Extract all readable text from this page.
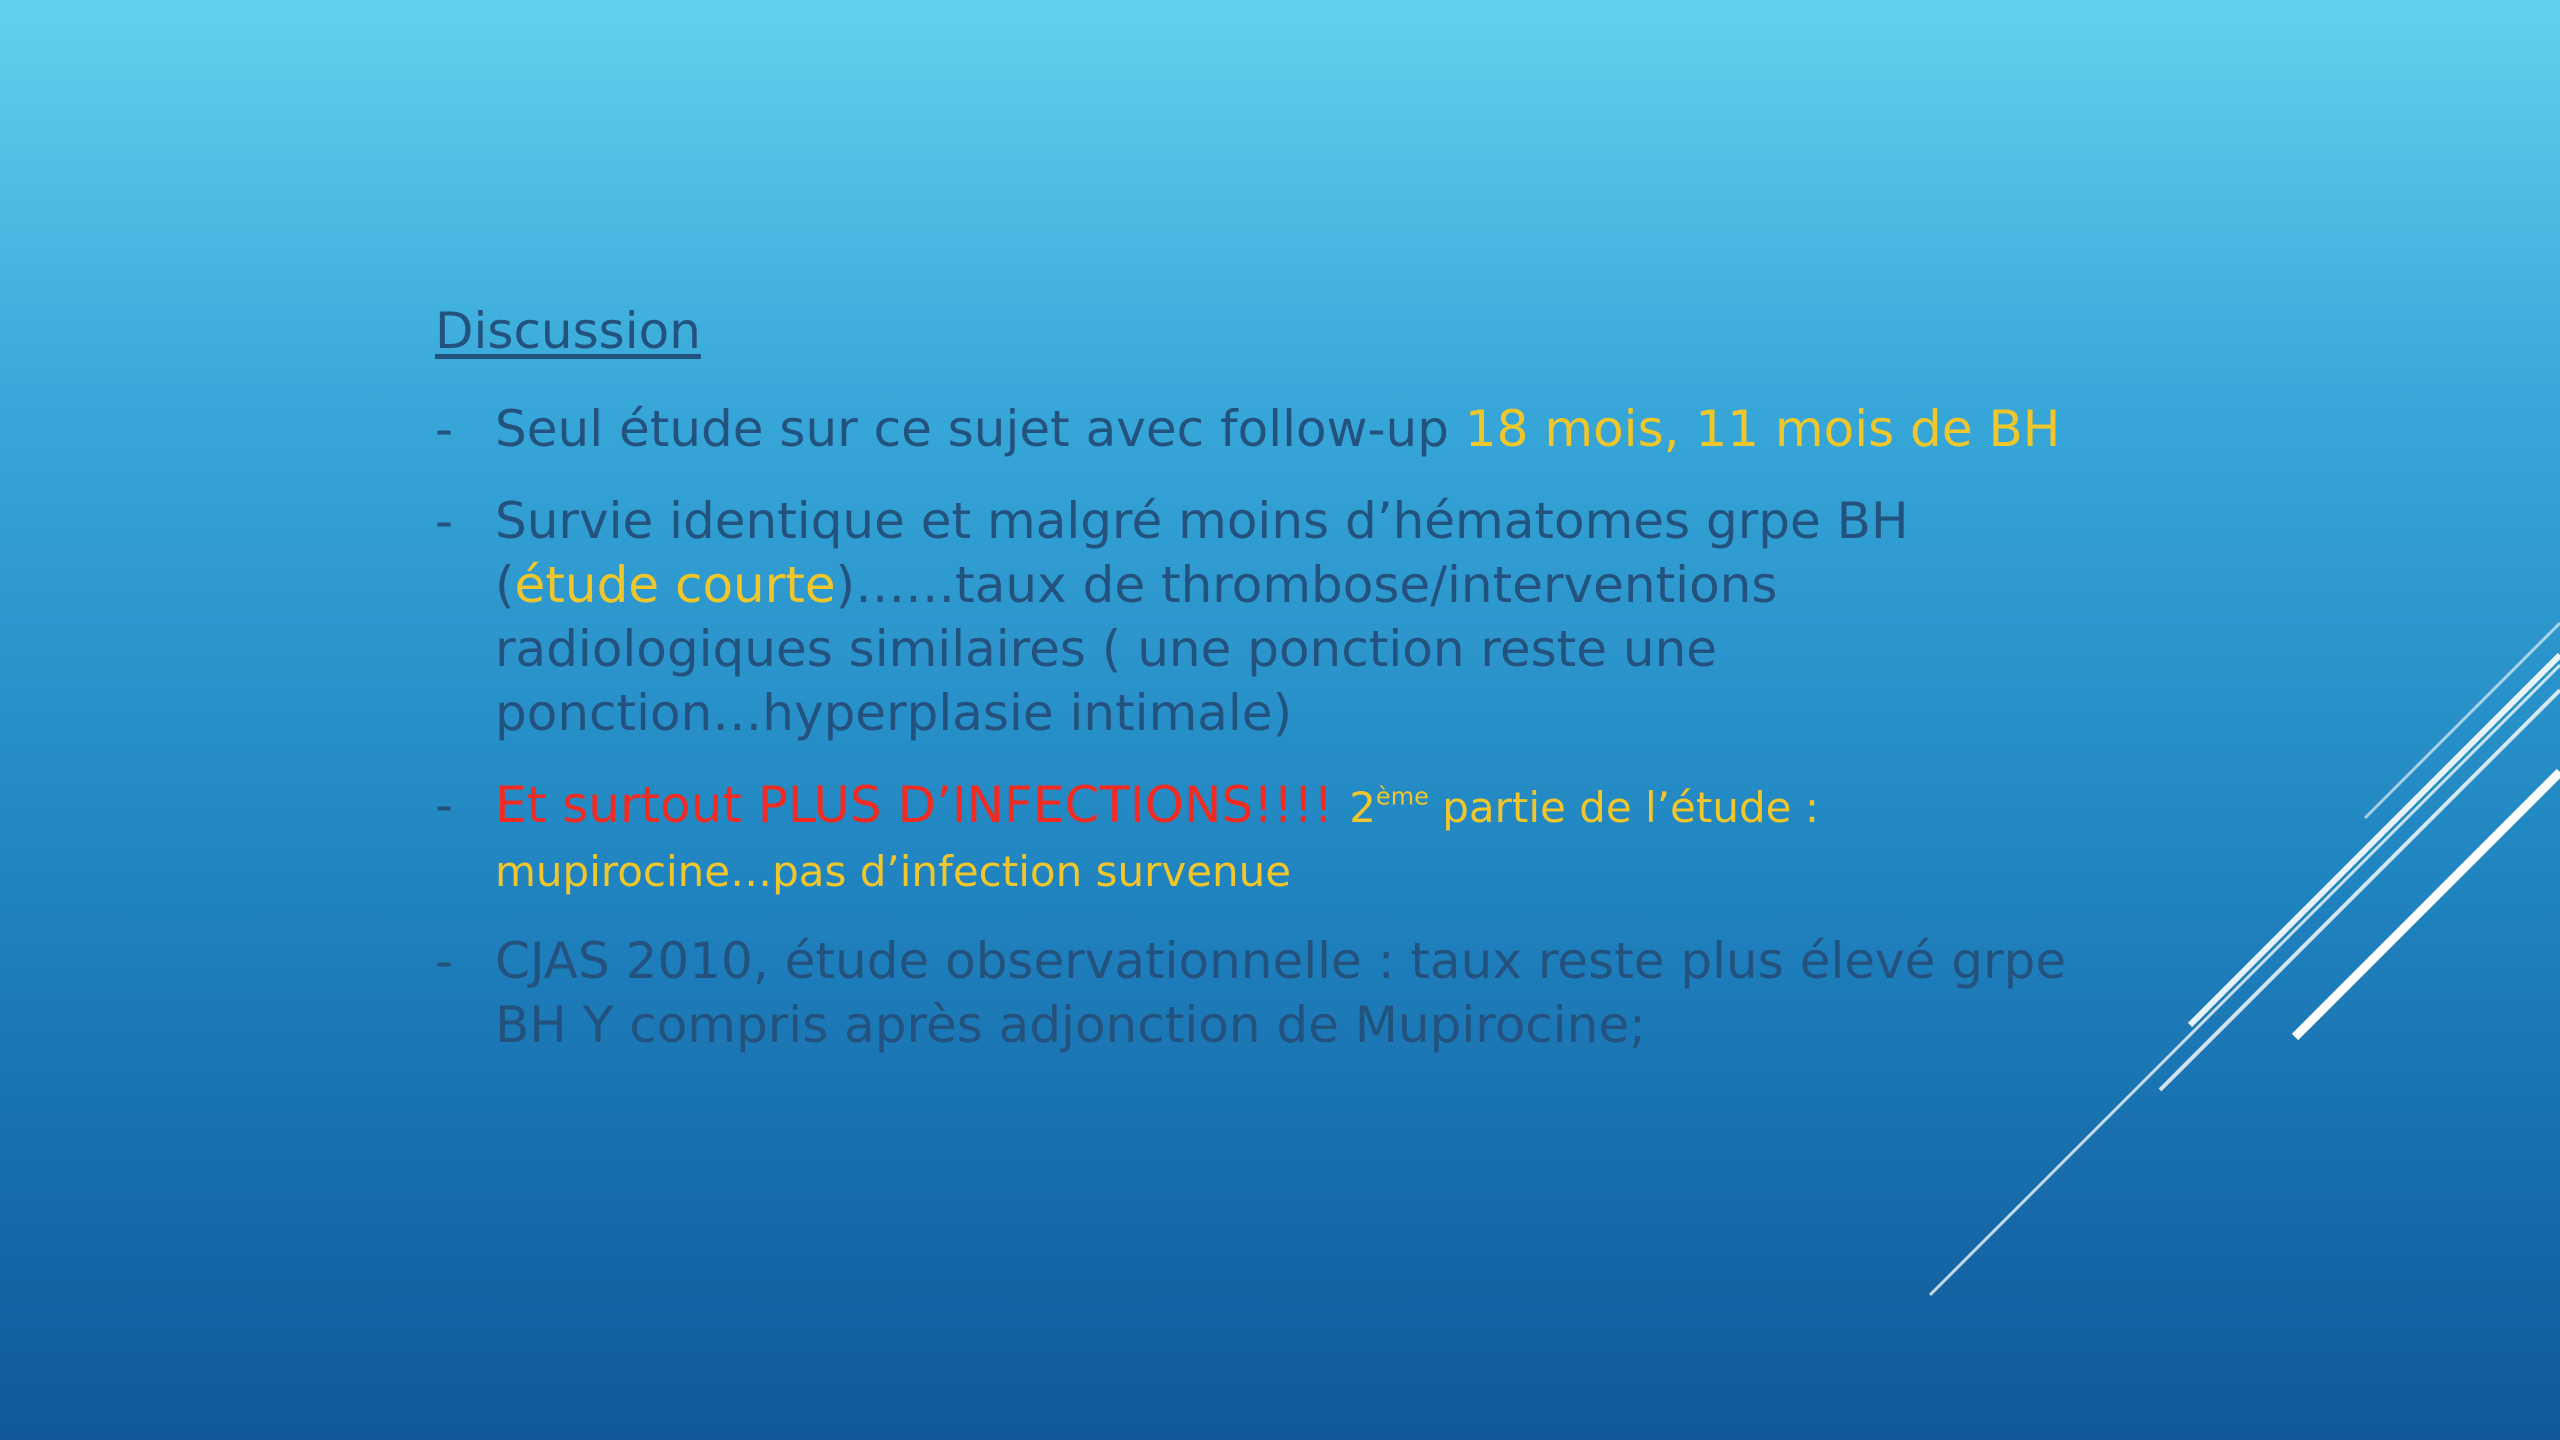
Discussion
- Seul étude sur ce sujet avec follow-up 18 mois, 11 mois de BH
- Survie identique et malgré moins d’hématomes grpe BH
(étude courte)……taux de thrombose/interventions
radiologiques similaires ( une ponction reste une
ponction…hyperplasie intimale)
- Et surtout PLUS D’INFECTIONS!!!! 2ème partie de l’étude :
mupirocine…pas d’infection survenue
- CJAS 2010, étude observationnelle : taux reste plus élevé grpe
BH Y compris après adjonction de Mupirocine;
